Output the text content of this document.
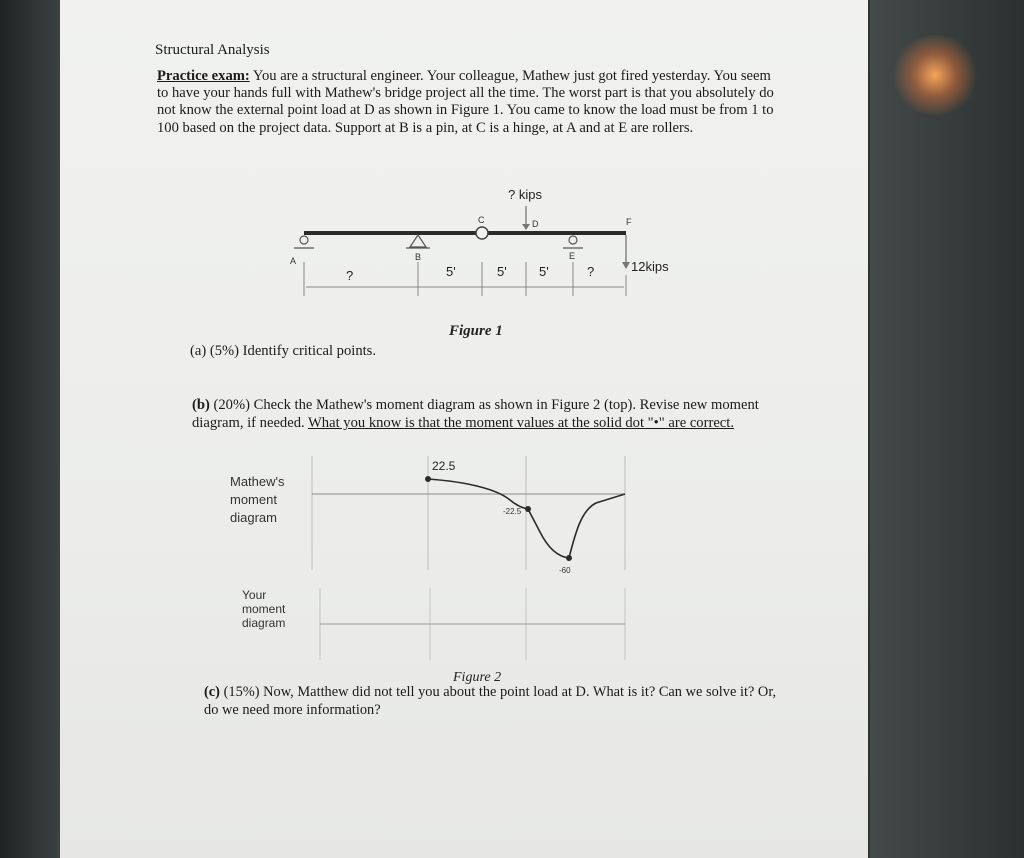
Structural Analysis

Practice exam: You are a structural engineer. Your colleague, Mathew just got fired yesterday. You seem to have your hands full with Mathew's bridge project all the time. The worst part is that you absolutely do not know the external point load at D as shown in Figure 1. You came to know the load must be from 1 to 100 based on the project data. Support at B is a pin, at C is a hinge, at A and at E are rollers.

(a) (5%) Identify critical points.

(b) (20%) Check the Mathew's moment diagram as shown in Figure 2 (top). Revise new moment diagram, if needed. What you know is that the moment values at the solid dot "•" are correct.

(c) (15%) Now, Matthew did not tell you about the point load at D. What is it? Can we solve it? Or, do we need more information?

? kips
12kips
A	B
C	D
E
F
?	5'	5' 5'	?
Figure 1
Mathew's
moment
diagram
22.5
-22.5
-60
Your
moment
diagram
Figure 2
